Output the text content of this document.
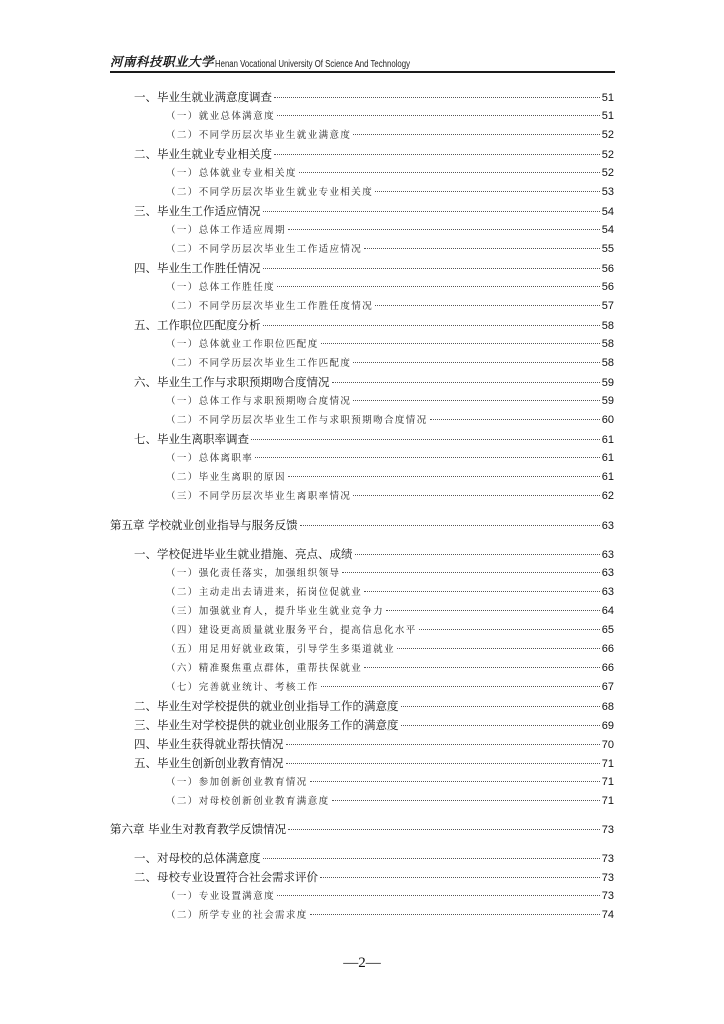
河南科技职业大学 Henan Vocational University Of Science And Technology
一、毕业生就业满意度调查	51
（一）就业总体满意度	51
（二）不同学历层次毕业生就业满意度	52
二、毕业生就业专业相关度	52
（一）总体就业专业相关度	52
（二）不同学历层次毕业生就业专业相关度	53
三、毕业生工作适应情况	54
（一）总体工作适应周期	54
（二）不同学历层次毕业生工作适应情况	55
四、毕业生工作胜任情况	56
（一）总体工作胜任度	56
（二）不同学历层次毕业生工作胜任度情况	57
五、工作职位匹配度分析	58
（一）总体就业工作职位匹配度	58
（二）不同学历层次毕业生工作匹配度	58
六、毕业生工作与求职预期吻合度情况	59
（一）总体工作与求职预期吻合度情况	59
（二）不同学历层次毕业生工作与求职预期吻合度情况	60
七、毕业生离职率调查	61
（一）总体离职率	61
（二）毕业生离职的原因	61
（三）不同学历层次毕业生离职率情况	62
第五章 学校就业创业指导与服务反馈	63
一、学校促进毕业生就业措施、亮点、成绩	63
（一）强化责任落实，加强组织领导	63
（二）主动走出去请进来，拓岗位促就业	63
（三）加强就业育人，提升毕业生就业竞争力	64
（四）建设更高质量就业服务平台，提高信息化水平	65
（五）用足用好就业政策，引导学生多渠道就业	66
（六）精准聚焦重点群体，重帮扶保就业	66
（七）完善就业统计、考核工作	67
二、毕业生对学校提供的就业创业指导工作的满意度	68
三、毕业生对学校提供的就业创业服务工作的满意度	69
四、毕业生获得就业帮扶情况	70
五、毕业生创新创业教育情况	71
（一）参加创新创业教育情况	71
（二）对母校创新创业教育满意度	71
第六章 毕业生对教育教学反馈情况	73
一、对母校的总体满意度	73
二、母校专业设置符合社会需求评价	73
（一）专业设置满意度	73
（二）所学专业的社会需求度	74
—2—
